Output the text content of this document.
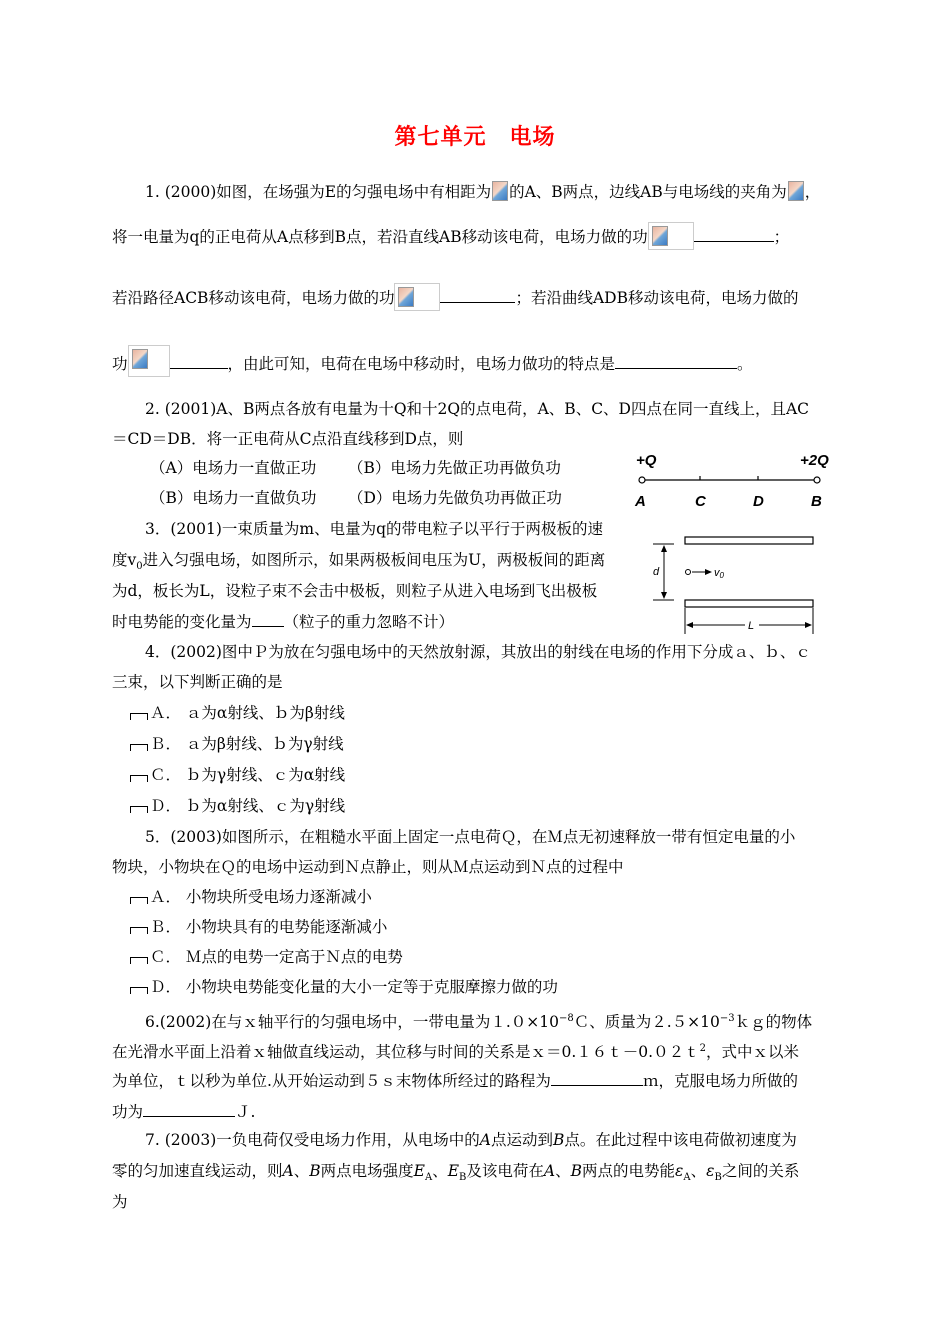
第七单元　电场
1. (2000)如图，在场强为E的匀强电场中有相距为 的A、B两点，边线AB与电场线的夹角为 ，
将一电量为q的正电荷从A点移到B点，若沿直线AB移动该电荷，电场力做的功	；
若沿路径ACB移动该电荷，电场力做的功	；若沿曲线ADB移动该电荷，电场力做的
功	，由此可知，电荷在电场中移动时，电场力做功的特点是	。
2. (2001)A、B两点各放有电量为十Q和十2Q的点电荷，A、B、C、D四点在同一直线上，且AC
＝CD＝DB．将一正电荷从C点沿直线移到D点，则
（A）电场力一直做正功 （B）电场力先做正功再做负功
（B）电场力一直做负功 （D）电场力先做负功再做正功
+Q	+2Q
A	C	D	B
3．(2001)一束质量为m、电量为q的带电粒子以平行于两极板的速
度$v_0$进入匀强电场，如图所示，如果两极板间电压为U，两极板间的距离
为d，板长为L，设粒子束不会击中极板，则粒子从进入电场到飞出极板
时电势能的变化量为 （粒子的重力忽略不计）
d	v0
L
4．(2002)图中Ｐ为放在匀强电场中的天然放射源，其放出的射线在电场的作用下分成ａ、ｂ、ｃ
三束，以下判断正确的是
Ａ． ａ为α射线、ｂ为β射线
Ｂ． ａ为β射线、ｂ为γ射线
Ｃ． ｂ为γ射线、ｃ为α射线
Ｄ． ｂ为α射线、ｃ为γ射线
5．(2003)如图所示，在粗糙水平面上固定一点电荷Ｑ，在Ｍ点无初速释放一带有恒定电量的小
物块，小物块在Ｑ的电场中运动到Ｎ点静止，则从Ｍ点运动到Ｎ点的过程中
Ａ． 小物块所受电场力逐渐减小
Ｂ． 小物块具有的电势能逐渐减小
Ｃ． Ｍ点的电势一定高于Ｎ点的电势
Ｄ． 小物块电势能变化量的大小一定等于克服摩擦力做的功
6.(2002)在与ｘ轴平行的匀强电场中，一带电量为$1.0\times 10^{-8}C$、质量为$2.5\times 10^{-3}kg$的物体
在光滑水平面上沿着ｘ轴做直线运动，其位移与时间的关系是ｘ＝0.１６ｔ－0.０２ｔ$^2$，式中ｘ以米
为单位，ｔ以秒为单位.从开始运动到５ｓ末物体所经过的路程为	ｍ，克服电场力所做的
功为	Ｊ.
7. (2003)一负电荷仅受电场力作用，从电场中的A点运动到B点。在此过程中该电荷做初速度为
零的匀加速直线运动，则A、B两点电场强度$E_A$、$E_B$及该电荷在A、B两点的电势能$\varepsilon_A$、$\varepsilon_B$之间的关系
为
